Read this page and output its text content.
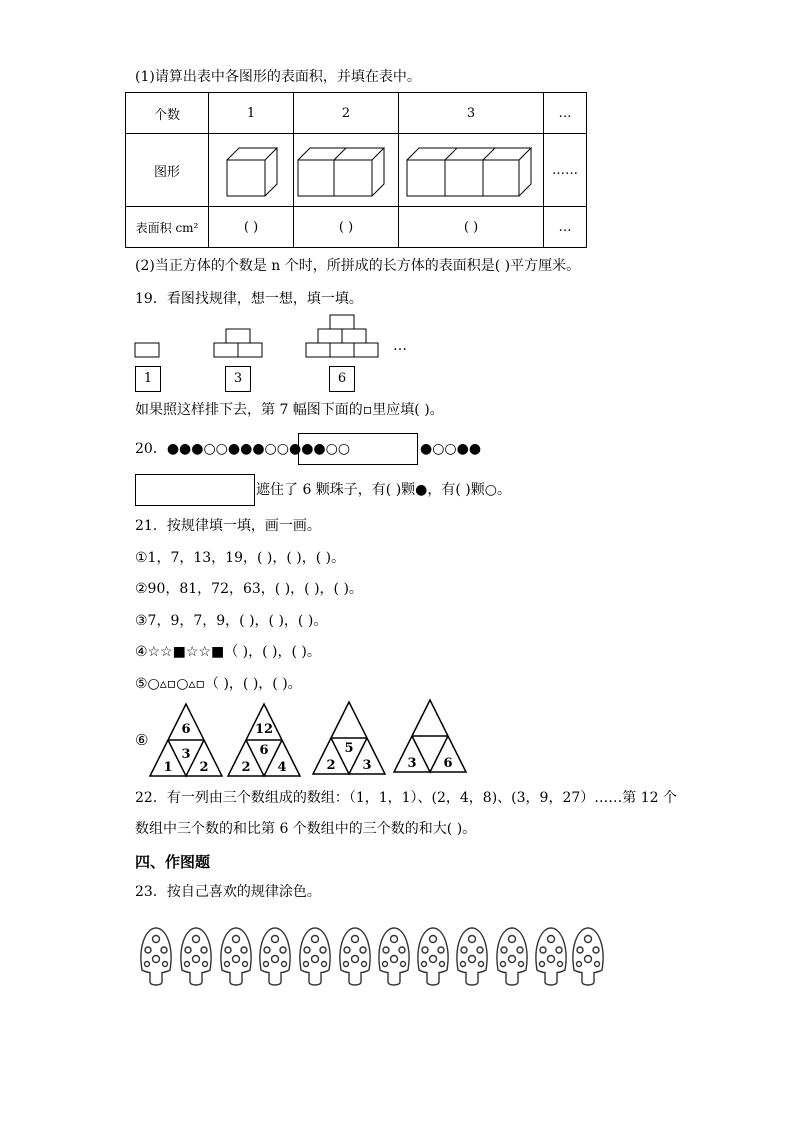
(1)请算出表中各图形的表面积，并填在表中。
个数	1	2	3	…
图形				……
表面积 cm²	( )	( )	( )	…
(2)当正方体的个数是 n 个时，所拼成的长方体的表面积是( )平方厘米。
19．看图找规律，想一想，填一填。
…
1	3	6
如果照这样排下去，第 7 幅图下面的▫里应填( )。
20．●●●○○●●●○○●●●○○	●○○●●
遮住了 6 颗珠子，有( )颗●，有( )颗○。
21．按规律填一填，画一画。
①1，7，13，19，( )，( )，( )。
②90，81，72，63，( )，( )，( )。
③7，9，7，9，( )，( )，( )。
④☆☆■☆☆■（ )，( )，( )。
⑤○▵▫○▵▫（ )，( )，( )。
⑥
6
3
1 2
12
6
2 4
5
2 3	3 6
22．有一列由三个数组成的数组：（1，1，1）、(2，4，8)、(3，9，27）……第 12 个
数组中三个数的和比第 6 个数组中的三个数的和大( )。
四、作图题
23．按自己喜欢的规律涂色。
